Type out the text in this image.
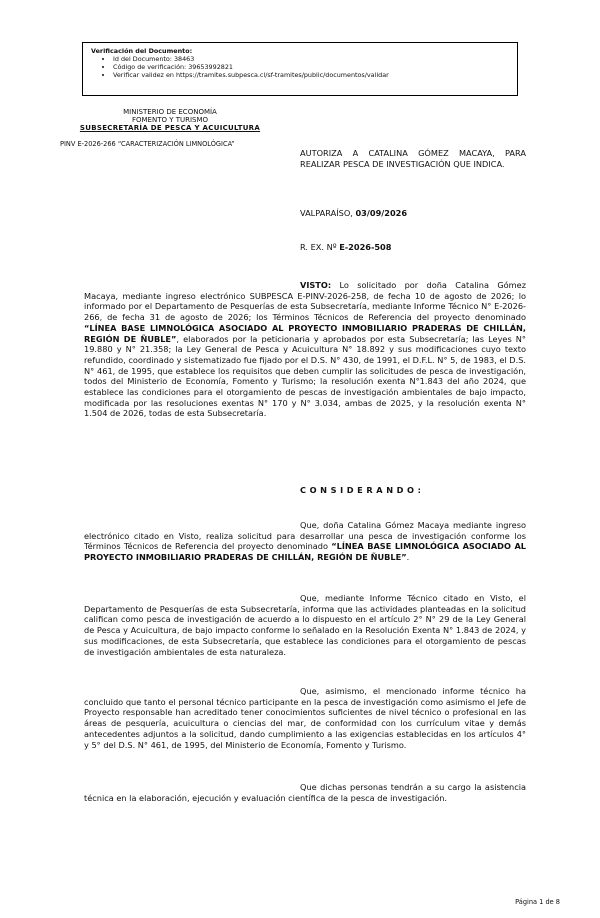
Verificación del Documento:
• Id del Documento: 38463
• Código de verificación: 39653992821
• Verificar validez en https://tramites.subpesca.cl/sf-tramites/public/documentos/validar
MINISTERIO DE ECONOMÍA
FOMENTO Y TURISMO
SUBSECRETARÍA DE PESCA Y ACUICULTURA
PINV E-2026-266 “CARACTERIZACIÓN LIMNOLÓGICA”
AUTORIZA A CATALINA GÓMEZ MACAYA, PARA REALIZAR PESCA DE INVESTIGACIÓN QUE INDICA.
VALPARAÍSO, 03/09/2026
R. EX. Nº E-2026-508
VISTO: Lo solicitado por doña Catalina Gómez Macaya, mediante ingreso electrónico SUBPESCA E-PINV-2026-258, de fecha 10 de agosto de 2026; lo informado por el Departamento de Pesquerías de esta Subsecretaría, mediante Informe Técnico N° E-2026-266, de fecha 31 de agosto de 2026; los Términos Técnicos de Referencia del proyecto denominado “LÍNEA BASE LIMNOLÓGICA ASOCIADO AL PROYECTO INMOBILIARIO PRADERAS DE CHILLÁN, REGIÓN DE ÑUBLE”, elaborados por la peticionaria y aprobados por esta Subsecretaría; las Leyes N° 19.880 y N° 21.358; la Ley General de Pesca y Acuicultura N° 18.892 y sus modificaciones cuyo texto refundido, coordinado y sistematizado fue fijado por el D.S. N° 430, de 1991, el D.F.L. N° 5, de 1983, el D.S. N° 461, de 1995, que establece los requisitos que deben cumplir las solicitudes de pesca de investigación, todos del Ministerio de Economía, Fomento y Turismo; la resolución exenta N°1.843 del año 2024, que establece las condiciones para el otorgamiento de pescas de investigación ambientales de bajo impacto, modificada por las resoluciones exentas N° 170 y N° 3.034, ambas de 2025, y la resolución exenta N° 1.504 de 2026, todas de esta Subsecretaría.
CONSIDERANDO:
Que, doña Catalina Gómez Macaya mediante ingreso electrónico citado en Visto, realiza solicitud para desarrollar una pesca de investigación conforme los Términos Técnicos de Referencia del proyecto denominado “LÍNEA BASE LIMNOLÓGICA ASOCIADO AL PROYECTO INMOBILIARIO PRADERAS DE CHILLÁN, REGIÓN DE ÑUBLE”.
Que, mediante Informe Técnico citado en Visto, el Departamento de Pesquerías de esta Subsecretaría, informa que las actividades planteadas en la solicitud califican como pesca de investigación de acuerdo a lo dispuesto en el artículo 2° N° 29 de la Ley General de Pesca y Acuicultura, de bajo impacto conforme lo señalado en la Resolución Exenta N° 1.843 de 2024, y sus modificaciones, de esta Subsecretaría, que establece las condiciones para el otorgamiento de pescas de investigación ambientales de esta naturaleza.
Que, asimismo, el mencionado informe técnico ha concluido que tanto el personal técnico participante en la pesca de investigación como asimismo el Jefe de Proyecto responsable han acreditado tener conocimientos suficientes de nivel técnico o profesional en las áreas de pesquería, acuicultura o ciencias del mar, de conformidad con los currículum vitae y demás antecedentes adjuntos a la solicitud, dando cumplimiento a las exigencias establecidas en los artículos 4° y 5° del D.S. N° 461, de 1995, del Ministerio de Economía, Fomento y Turismo.
Que dichas personas tendrán a su cargo la asistencia técnica en la elaboración, ejecución y evaluación científica de la pesca de investigación.
Página 1 de 8
